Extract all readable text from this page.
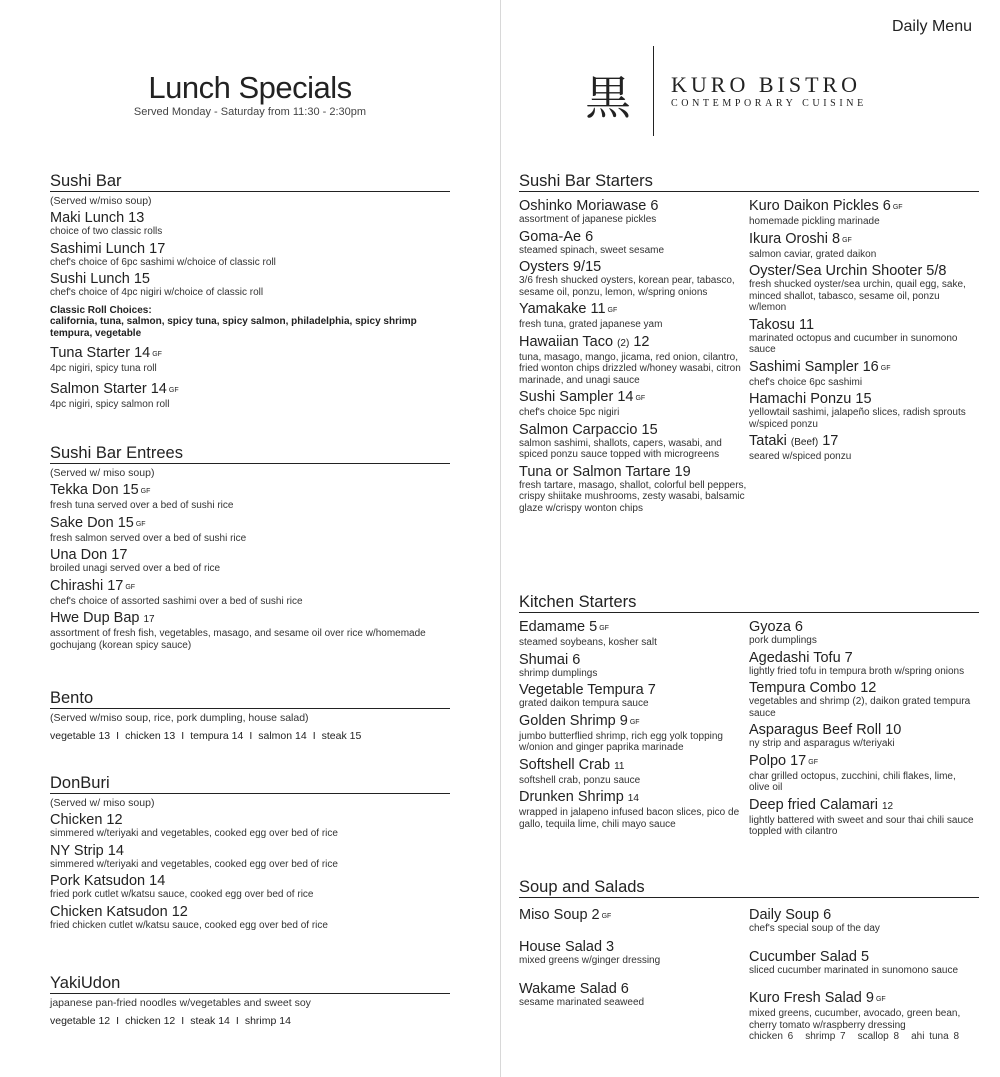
Lunch Specials
Served Monday - Saturday from 11:30 - 2:30pm
Sushi Bar
(Served w/miso soup)
Maki Lunch 13
choice of two classic rolls
Sashimi Lunch 17
chef's choice of 6pc sashimi w/choice of classic roll
Sushi Lunch 15
chef's choice of 4pc nigiri w/choice of classic roll
Classic Roll Choices:
california, tuna, salmon, spicy tuna, spicy salmon, philadelphia, spicy shrimp tempura, vegetable
Tuna Starter 14 GF
4pc nigiri, spicy tuna roll
Salmon Starter 14 GF
4pc nigiri, spicy salmon roll
Sushi Bar Entrees
(Served w/ miso soup)
Tekka Don 15 GF
fresh tuna served over a bed of sushi rice
Sake Don 15 GF
fresh salmon served over a bed of sushi rice
Una Don 17
broiled unagi served over a bed of rice
Chirashi 17 GF
chef's choice of assorted sashimi over a bed of sushi rice
Hwe Dup Bap 17
assortment of fresh fish, vegetables, masago, and sesame oil over rice w/homemade gochujang (korean spicy sauce)
Bento
(Served w/miso soup, rice, pork dumpling, house salad)
vegetable 13 I chicken 13 I tempura 14 I salmon 14 I steak 15
DonBuri
(Served w/ miso soup)
Chicken 12
simmered w/teriyaki and vegetables, cooked egg over bed of rice
NY Strip 14
simmered w/teriyaki and vegetables, cooked egg over bed of rice
Pork Katsudon 14
fried pork cutlet w/katsu sauce, cooked egg over bed of rice
Chicken Katsudon 12
fried chicken cutlet w/katsu sauce, cooked egg over bed of rice
YakiUdon
japanese pan-fried noodles w/vegetables and sweet soy
vegetable 12 I chicken 12 I steak 14 I shrimp 14
Daily Menu
黒 KURO BISTRO
CONTEMPORARY CUISINE
Sushi Bar Starters
Oshinko Moriawase 6
assortment of japanese pickles
Goma-Ae 6
steamed spinach, sweet sesame
Oysters 9/15
3/6 fresh shucked oysters, korean pear, tabasco, sesame oil, ponzu, lemon, w/spring onions
Yamakake 11 GF
fresh tuna, grated japanese yam
Hawaiian Taco (2) 12
tuna, masago, mango, jicama, red onion, cilantro, fried wonton chips drizzled w/honey wasabi, citron marinade, and unagi sauce
Sushi Sampler 14 GF
chef's choice 5pc nigiri
Salmon Carpaccio 15
salmon sashimi, shallots, capers, wasabi, and spiced ponzu sauce topped with microgreens
Tuna or Salmon Tartare 19
fresh tartare, masago, shallot, colorful bell peppers, crispy shiitake mushrooms, zesty wasabi, balsamic glaze w/crispy wonton chips
Kuro Daikon Pickles 6 GF
homemade pickling marinade
Ikura Oroshi 8 GF
salmon caviar, grated daikon
Oyster/Sea Urchin Shooter 5/8
fresh shucked oyster/sea urchin, quail egg, sake, minced shallot, tabasco, sesame oil, ponzu w/lemon
Takosu 11
marinated octopus and cucumber in sunomono sauce
Sashimi Sampler 16 GF
chef's choice 6pc sashimi
Hamachi Ponzu 15
yellowtail sashimi, jalapeño slices, radish sprouts w/spiced ponzu
Tataki (Beef) 17
seared w/spiced ponzu
Kitchen Starters
Edamame 5 GF
steamed soybeans, kosher salt
Shumai 6
shrimp dumplings
Vegetable Tempura 7
grated daikon tempura sauce
Golden Shrimp 9 GF
jumbo butterflied shrimp, rich egg yolk topping w/onion and ginger paprika marinade
Softshell Crab 11
softshell crab, ponzu sauce
Drunken Shrimp 14
wrapped in jalapeno infused bacon slices, pico de gallo, tequila lime, chili mayo sauce
Gyoza 6
pork dumplings
Agedashi Tofu 7
lightly fried tofu in tempura broth w/spring onions
Tempura Combo 12
vegetables and shrimp (2), daikon grated tempura sauce
Asparagus Beef Roll 10
ny strip and asparagus w/teriyaki
Polpo 17 GF
char grilled octopus, zucchini, chili flakes, lime, olive oil
Deep fried Calamari 12
lightly battered with sweet and sour thai chili sauce toppled with cilantro
Soup and Salads
Miso Soup 2 GF
House Salad 3
mixed greens w/ginger dressing
Wakame Salad 6
sesame marinated seaweed
Daily Soup 6
chef's special soup of the day
Cucumber Salad 5
sliced cucumber marinated in sunomono sauce
Kuro Fresh Salad 9 GF
mixed greens, cucumber, avocado, green bean, cherry tomato w/raspberry dressing
chicken 6 shrimp 7 scallop 8 ahi tuna 8
